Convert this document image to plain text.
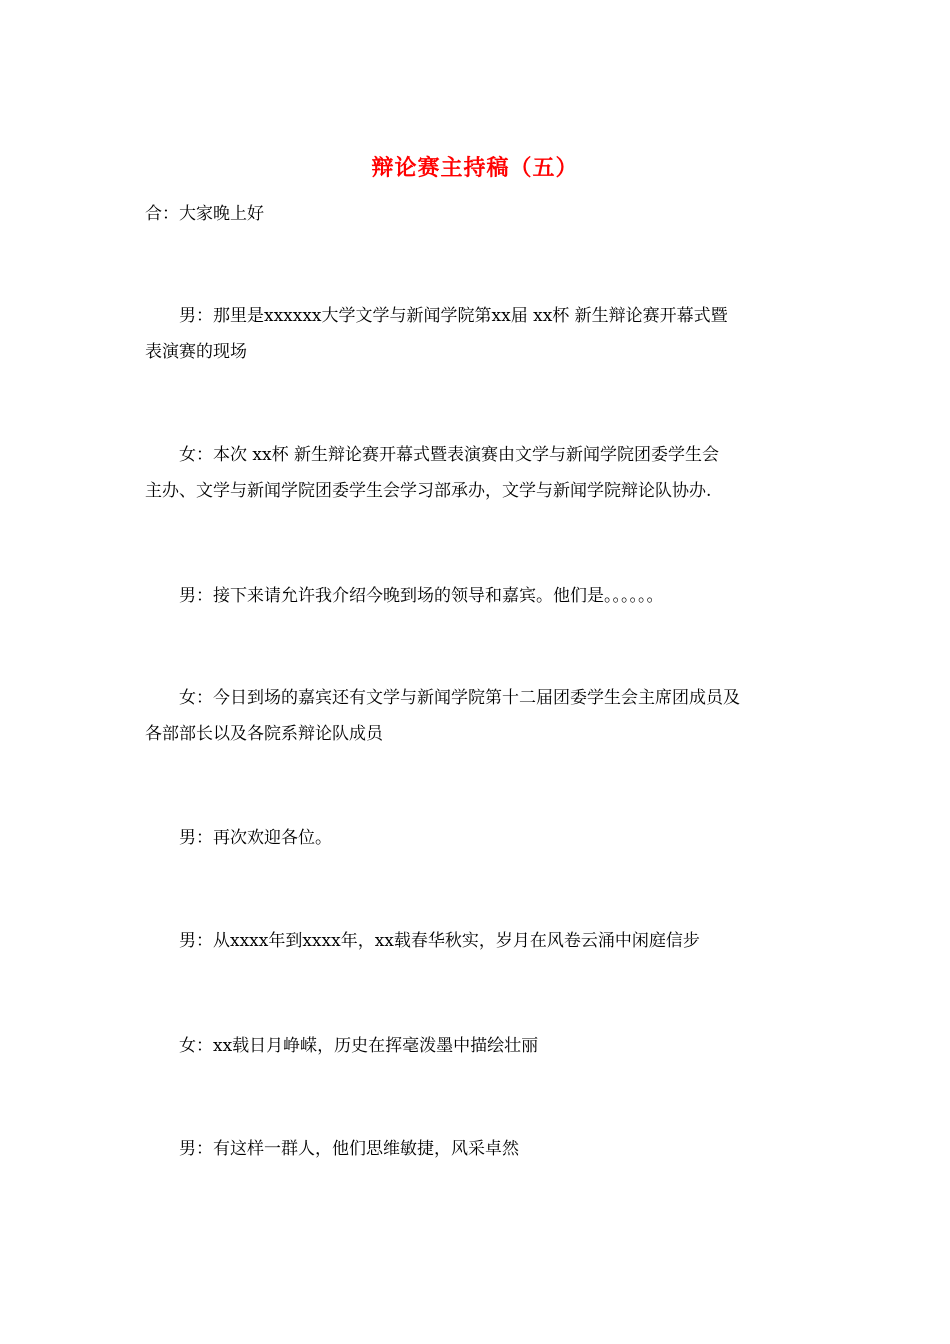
辩论赛主持稿（五）
合：大家晚上好
男：那里是xxxxxx大学文学与新闻学院第xx届 xx杯 新生辩论赛开幕式暨
表演赛的现场
女：本次 xx杯 新生辩论赛开幕式暨表演赛由文学与新闻学院团委学生会
主办、文学与新闻学院团委学生会学习部承办，文学与新闻学院辩论队协办.
男：接下来请允许我介绍今晚到场的领导和嘉宾。他们是。。。。。。
女：今日到场的嘉宾还有文学与新闻学院第十二届团委学生会主席团成员及
各部部长以及各院系辩论队成员
男：再次欢迎各位。
男：从xxxx年到xxxx年，xx载春华秋实，岁月在风卷云涌中闲庭信步
女：xx载日月峥嵘，历史在挥毫泼墨中描绘壮丽
男：有这样一群人，他们思维敏捷，风采卓然
